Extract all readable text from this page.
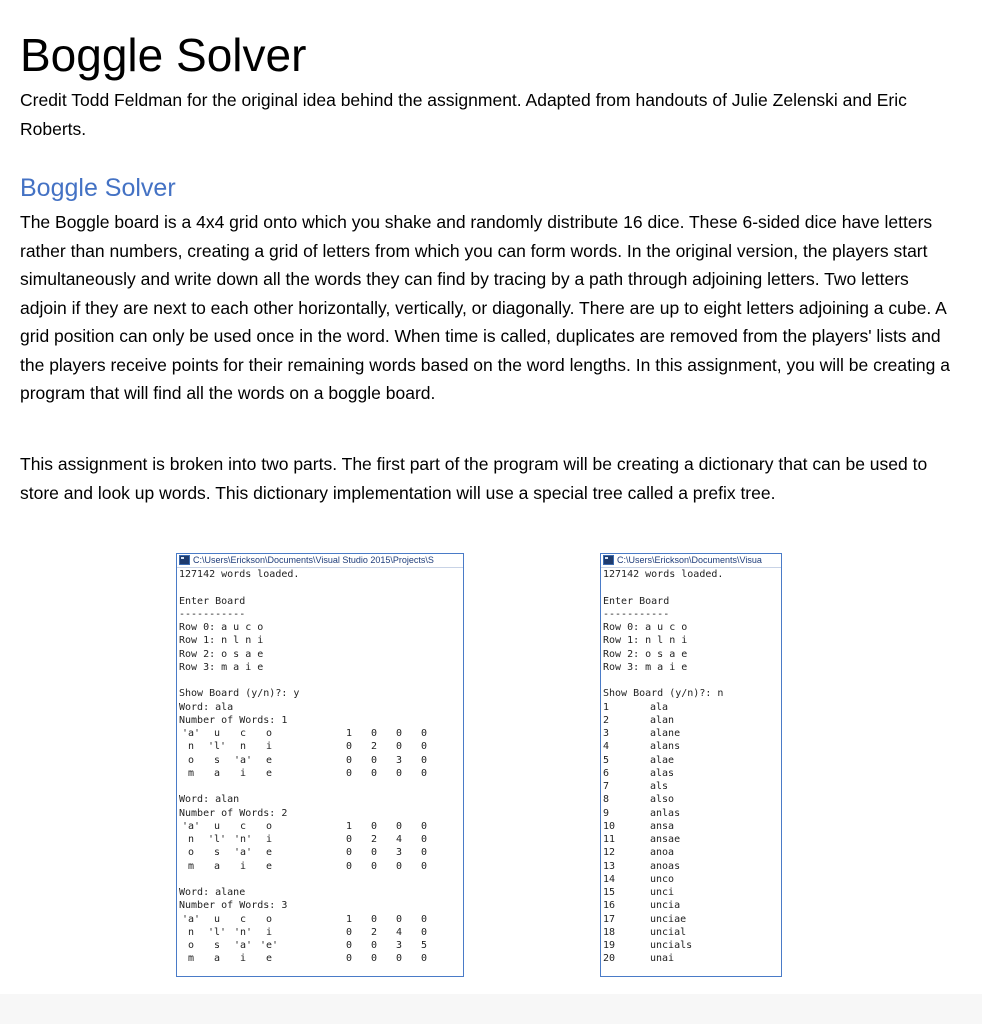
Boggle Solver

Credit Todd Feldman for the original idea behind the assignment. Adapted from handouts of Julie Zelenski and Eric Roberts.

Boggle Solver

The Boggle board is a 4x4 grid onto which you shake and randomly distribute 16 dice. These 6-sided dice have letters rather than numbers, creating a grid of letters from which you can form words. In the original version, the players start simultaneously and write down all the words they can find by tracing by a path through adjoining letters. Two letters adjoin if they are next to each other horizontally, vertically, or diagonally. There are up to eight letters adjoining a cube. A grid position can only be used once in the word. When time is called, duplicates are removed from the players' lists and the players receive points for their remaining words based on the word lengths. In this assignment, you will be creating a program that will find all the words on a boggle board.

This assignment is broken into two parts. The first part of the program will be creating a dictionary that can be used to store and look up words. This dictionary implementation will use a special tree called a prefix tree.

C:\Users\Erickson\Documents\Visual Studio 2015\Projects\S
127142 words loaded.
Enter Board
-----------
Row 0: a u c o
Row 1: n l n i
Row 2: o s a e
Row 3: m a i e
Show Board (y/n)?: y
Word: ala
Number of Words: 1
'a'	u	c	o	1 0 0 0
n	'l'	n	i	0 2 0 0
o	s	'a'	e	0 0 3 0
m	a	i	e	0 0 0 0
Word: alan
Number of Words: 2
'a'	u	c	o	1 0 0 0
n	'l' 'n'	i	0 2 4 0
o	s	'a'	e	0 0 3 0
m	a	i	e	0 0 0 0
Word: alane
Number of Words: 3
'a'	u	c	o	1 0 0 0
n	'l' 'n'	i	0 2 4 0
o	s	'a' 'e'	0 0 3 5
m	a	i	e	0 0 0 0
C:\Users\Erickson\Documents\Visua
127142 words loaded.
Enter Board
-----------
Row 0: a u c o
Row 1: n l n i
Row 2: o s a e
Row 3: m a i e
Show Board (y/n)?: n
1	ala
2	alan
3	alane
4	alans
5	alae
6	alas
7	als
8	also
9	anlas
10	ansa
11	ansae
12	anoa
13	anoas
14	unco
15	unci
16	uncia
17	unciae
18	uncial
19	uncials
20	unai
